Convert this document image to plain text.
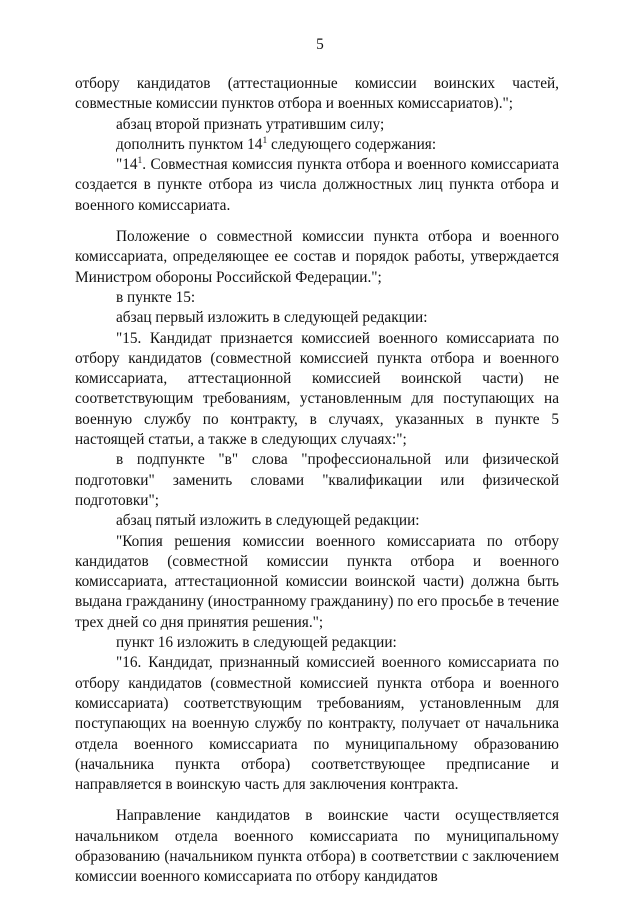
5

отбору кандидатов (аттестационные комиссии воинских частей, совместные комиссии пунктов отбора и военных комиссариатов).";

абзац второй признать утратившим силу;

дополнить пунктом $14^1$ следующего содержания:

"$14^1$. Совместная комиссия пункта отбора и военного комиссариата создается в пункте отбора из числа должностных лиц пункта отбора и военного комиссариата.

Положение о совместной комиссии пункта отбора и военного комиссариата, определяющее ее состав и порядок работы, утверждается Министром обороны Российской Федерации.";

в пункте 15:

абзац первый изложить в следующей редакции:

"15. Кандидат признается комиссией военного комиссариата по отбору кандидатов (совместной комиссией пункта отбора и военного комиссариата, аттестационной комиссией воинской части) не соответствующим требованиям, установленным для поступающих на военную службу по контракту, в случаях, указанных в пункте 5 настоящей статьи, а также в следующих случаях:";

в подпункте "в" слова "профессиональной или физической подготовки" заменить словами "квалификации или физической подготовки";

абзац пятый изложить в следующей редакции:

"Копия решения комиссии военного комиссариата по отбору кандидатов (совместной комиссии пункта отбора и военного комиссариата, аттестационной комиссии воинской части) должна быть выдана гражданину (иностранному гражданину) по его просьбе в течение трех дней со дня принятия решения.";

пункт 16 изложить в следующей редакции:

"16. Кандидат, признанный комиссией военного комиссариата по отбору кандидатов (совместной комиссией пункта отбора и военного комиссариата) соответствующим требованиям, установленным для поступающих на военную службу по контракту, получает от начальника отдела военного комиссариата по муниципальному образованию (начальника пункта отбора) соответствующее предписание и направляется в воинскую часть для заключения контракта.

Направление кандидатов в воинские части осуществляется начальником отдела военного комиссариата по муниципальному образованию (начальником пункта отбора) в соответствии с заключением комиссии военного комиссариата по отбору кандидатов
